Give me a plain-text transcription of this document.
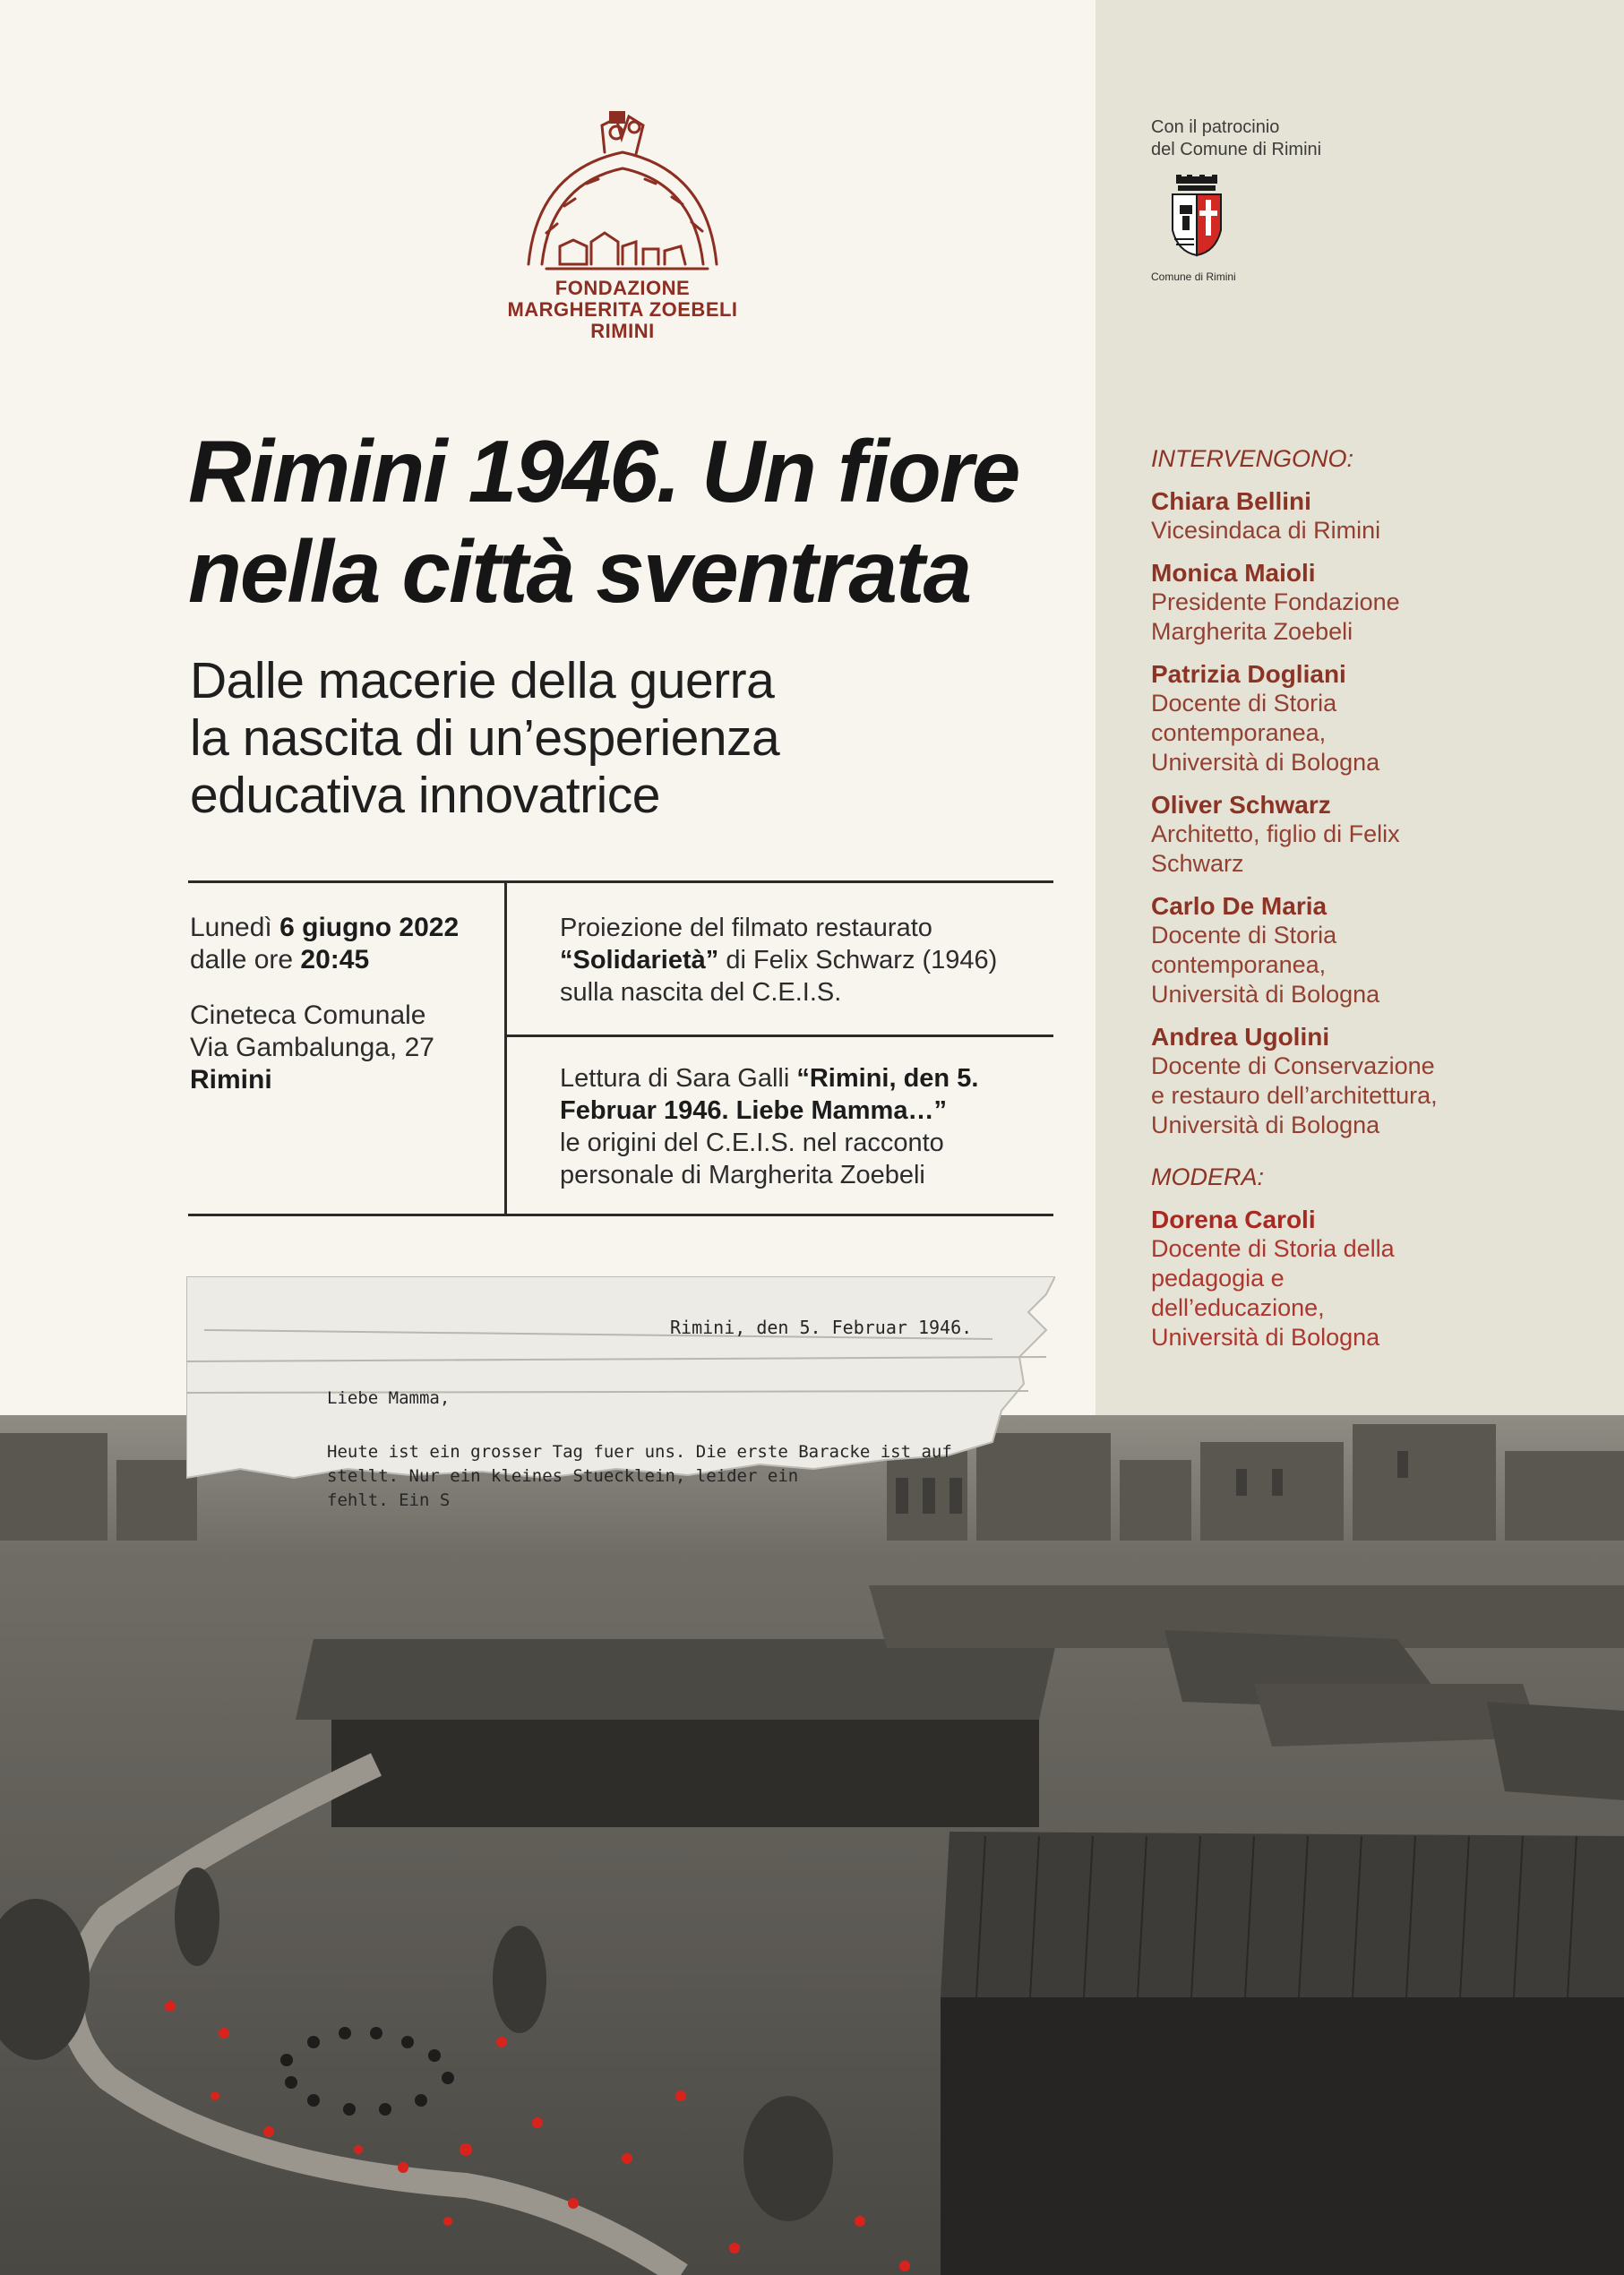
FONDAZIONE
MARGHERITA ZOEBELI
RIMINI
Con il patrocinio
del Comune di Rimini
Comune di Rimini
Rimini 1946. Un fiore
nella città sventrata
Dalle macerie della guerra
la nascita di un’esperienza
educativa innovatrice
Lunedì 6 giugno 2022
dalle ore 20:45
Cineteca Comunale
Via Gambalunga, 27
Rimini
Proiezione del filmato restaurato
“Solidarietà” di Felix Schwarz (1946)
sulla nascita del C.E.I.S.
Lettura di Sara Galli “Rimini, den 5.
Februar 1946. Liebe Mamma…”
le origini del C.E.I.S. nel racconto
personale di Margherita Zoebeli
INTERVENGONO:
Chiara Bellini
Vicesindaca di Rimini
Monica Maioli
Presidente Fondazione
Margherita Zoebeli
Patrizia Dogliani
Docente di Storia
contemporanea,
Università di Bologna
Oliver Schwarz
Architetto, figlio di Felix
Schwarz
Carlo De Maria
Docente di Storia
contemporanea,
Università di Bologna
Andrea Ugolini
Docente di Conservazione
e restauro dell’architettura,
Università di Bologna
MODERA:
Dorena Caroli
Docente di Storia della
pedagogia e
dell’educazione,
Università di Bologna
Rimini, den 5. Februar 1946.
Liebe Mamma,
Heute ist ein grosser Tag fuer uns. Die erste Baracke ist auf
stellt. Nur ein kleines Stuecklein, leider ein
fehlt. Ein S
